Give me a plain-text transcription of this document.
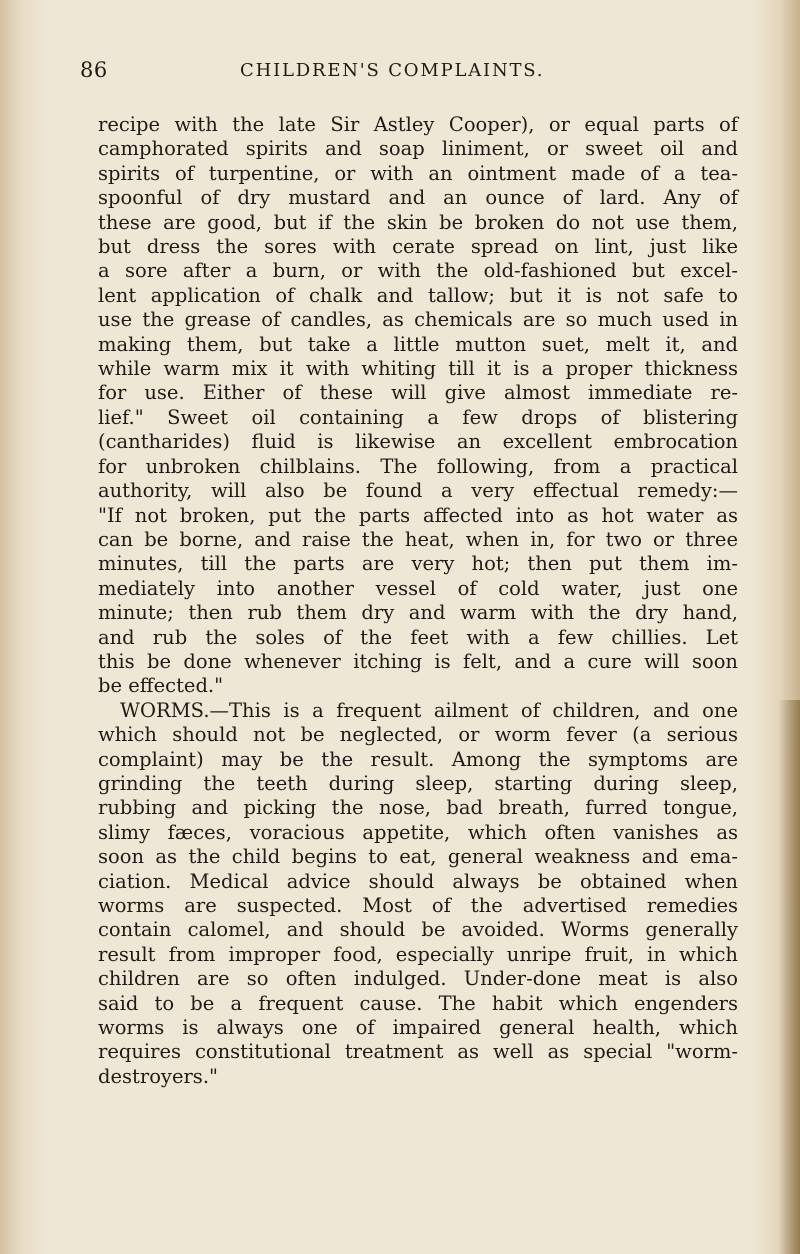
86	CHILDREN'S COMPLAINTS.
recipe with the late Sir Astley Cooper), or equal parts of
camphorated spirits and soap liniment, or sweet oil and
spirits of turpentine, or with an ointment made of a tea-
spoonful of dry mustard and an ounce of lard. Any of
these are good, but if the skin be broken do not use them,
but dress the sores with cerate spread on lint, just like
a sore after a burn, or with the old-fashioned but excel-
lent application of chalk and tallow; but it is not safe to
use the grease of candles, as chemicals are so much used in
making them, but take a little mutton suet, melt it, and
while warm mix it with whiting till it is a proper thickness
for use. Either of these will give almost immediate re-
lief." Sweet oil containing a few drops of blistering
(cantharides) fluid is likewise an excellent embrocation
for unbroken chilblains. The following, from a practical
authority, will also be found a very effectual remedy:—
"If not broken, put the parts affected into as hot water as
can be borne, and raise the heat, when in, for two or three
minutes, till the parts are very hot; then put them im-
mediately into another vessel of cold water, just one
minute; then rub them dry and warm with the dry hand,
and rub the soles of the feet with a few chillies. Let
this be done whenever itching is felt, and a cure will soon
be effected."
WORMS.—This is a frequent ailment of children, and one
which should not be neglected, or worm fever (a serious
complaint) may be the result. Among the symptoms are
grinding the teeth during sleep, starting during sleep,
rubbing and picking the nose, bad breath, furred tongue,
slimy fæces, voracious appetite, which often vanishes as
soon as the child begins to eat, general weakness and ema-
ciation. Medical advice should always be obtained when
worms are suspected. Most of the advertised remedies
contain calomel, and should be avoided. Worms generally
result from improper food, especially unripe fruit, in which
children are so often indulged. Under-done meat is also
said to be a frequent cause. The habit which engenders
worms is always one of impaired general health, which
requires constitutional treatment as well as special "worm-
destroyers."
